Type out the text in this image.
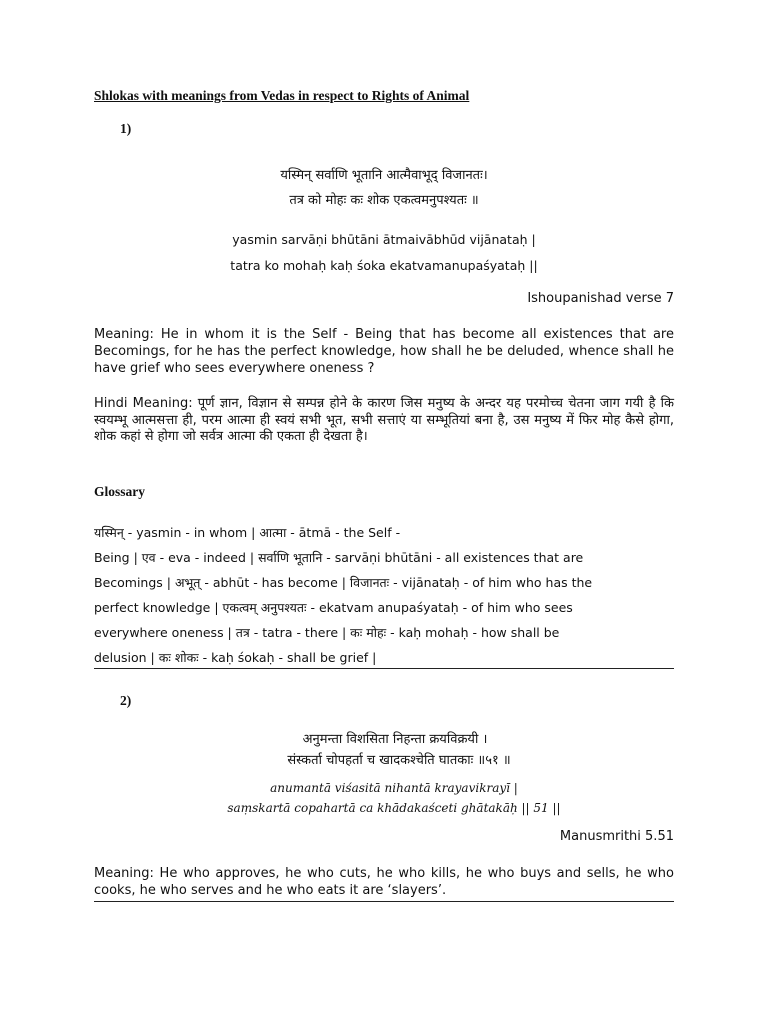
Shlokas with meanings from Vedas in respect to Rights of Animal
1)
यस्मिन् सर्वाणि भूतानि आत्मैवाभूद् विजानतः।
तत्र को मोहः कः शोक एकत्वमनुपश्यतः ॥
yasmin sarvāṇi bhūtāni ātmaivābhūd vijānataḥ |
tatra ko mohaḥ kaḥ śoka ekatvamanupaśyataḥ ||
Ishoupanishad verse 7
Meaning: He in whom it is the Self - Being that has become all existences that are Becomings, for he has the perfect knowledge, how shall he be deluded, whence shall he have grief who sees everywhere oneness ?
Hindi Meaning: पूर्ण ज्ञान, विज्ञान से सम्पन्न होने के कारण जिस मनुष्य के अन्दर यह परमोच्च चेतना जाग गयी है कि स्वयम्भू आत्मसत्ता ही, परम आत्मा ही स्वयं सभी भूत, सभी सत्ताएं या सम्भूतियां बना है, उस मनुष्य में फिर मोह कैसे होगा, शोक कहां से होगा जो सर्वत्र आत्मा की एकता ही देखता है।
Glossary
यस्मिन् - yasmin - in whom | आत्मा - ātmā - the Self -
Being | एव - eva - indeed | सर्वाणि भूतानि - sarvāṇi bhūtāni - all existences that are
Becomings | अभूत् - abhūt - has become | विजानतः - vijānataḥ - of him who has the
perfect knowledge | एकत्वम् अनुपश्यतः - ekatvam anupaśyataḥ - of him who sees
everywhere oneness | तत्र - tatra - there | कः मोहः - kaḥ mohaḥ - how shall be
delusion | कः शोकः - kaḥ śokaḥ - shall be grief |
2)
अनुमन्ता विशसिता निहन्ता क्रयविक्रयी ।
संस्कर्ता चोपहर्ता च खादकश्चेति घातकाः ॥५१ ॥
anumantā viśasitā nihantā krayavikrayī |
saṃskartā copahartā ca khādakaśceti ghātakāḥ || 51 ||
Manusmrithi 5.51
Meaning: He who approves, he who cuts, he who kills, he who buys and sells, he who cooks, he who serves and he who eats it are ‘slayers’.
